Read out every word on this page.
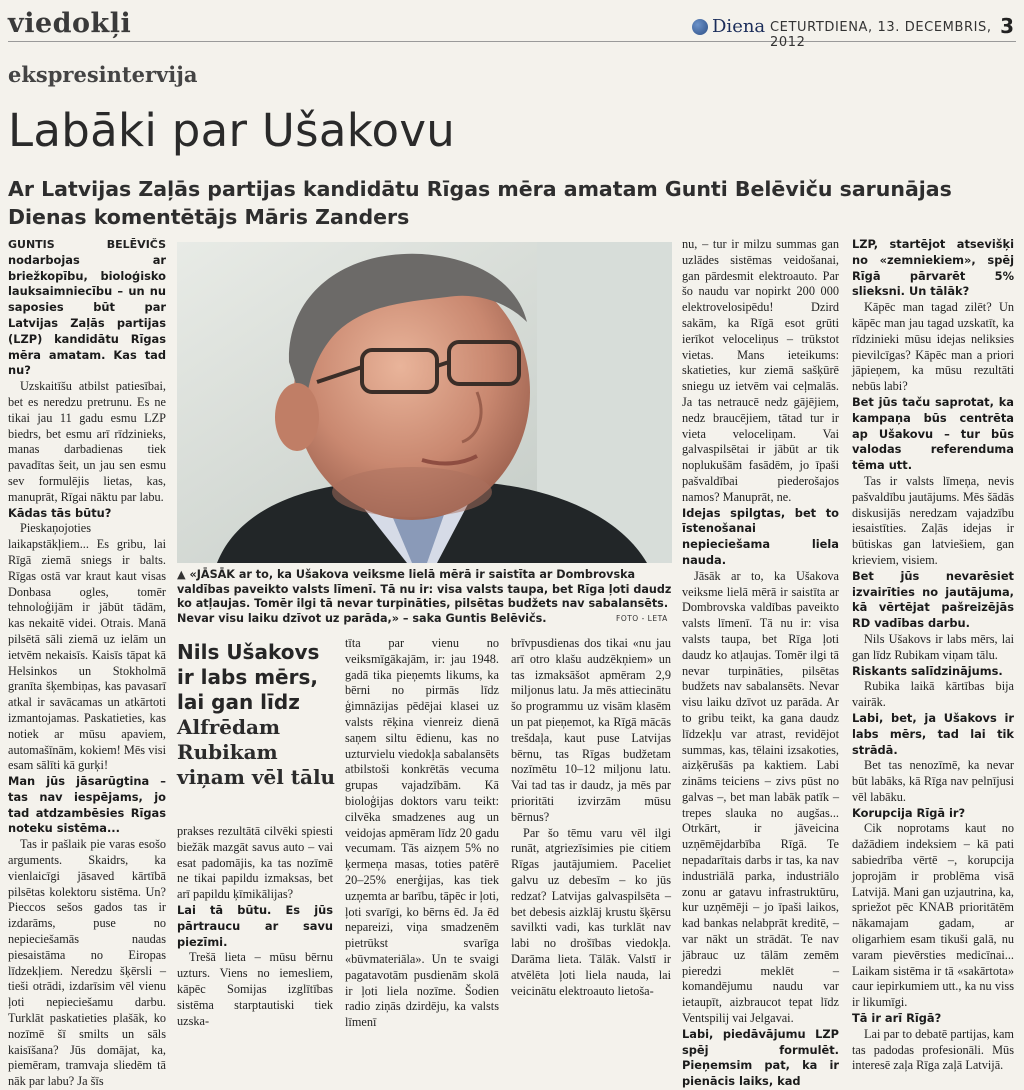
viedokļi	Diena CETURTDIENA, 13. DECEMBRIS, 2012
3
ekspresintervija
Labāki par Ušakovu
Ar Latvijas Zaļās partijas kandidātu Rīgas mēra amatam Gunti Belēviču sarunājas Dienas komentētājs Māris Zanders

GUNTIS BELĒVIČS nodarbojas ar briežkopību, bioloģisko lauksaimniecību – un nu saposies būt par Latvijas Zaļās partijas (LZP) kandidātu Rīgas mēra amatam. Kas tad nu?

Uzskaitīšu atbilst patiesībai, bet es neredzu pretrunu. Es ne tikai jau 11 gadu esmu LZP biedrs, bet esmu arī rīdzinieks, manas darbadienas tiek pavadītas šeit, un jau sen esmu sev formulējis lietas, kas, manuprāt, Rīgai nāktu par labu.

Kādas tās būtu?

Pieskaņojoties laikapstākļiem... Es gribu, lai Rīgā ziemā sniegs ir balts. Rīgas ostā var kraut kaut visas Donbasa ogles, tomēr tehnoloģijām ir jābūt tādām, kas nekaitē videi. Otrais. Manā pilsētā sāli ziemā uz ielām un ietvēm nekaisīs. Kaisīs tāpat kā Helsinkos un Stokholmā granīta šķembiņas, kas pavasarī atkal ir savācamas un atkārtoti izmantojamas. Paskatieties, kas notiek ar mūsu apaviem, automašīnām, kokiem! Mēs visi esam sālīti kā gurķi!

Man jūs jāsarūgtina – tas nav iespējams, jo tad atdzambēsies Rīgas noteku sistēma...

Tas ir pašlaik pie varas esošo arguments. Skaidrs, ka vienlaicīgi jāsaved kārtībā pilsētas kolektoru sistēma. Un? Pieccos sešos gados tas ir izdarāms, puse no nepieciešamās naudas piesaistāma no Eiropas līdzekļiem. Neredzu šķērsli – tieši otrādi, izdarīsim vēl vienu ļoti nepieciešamu darbu. Turklāt paskatieties plašāk, ko nozīmē šī smilts un sāls kaisīšana? Jūs domājat, ka, piemēram, tramvaja sliedēm tā nāk par labu? Ja šīs

▲ «JĀSĀK ar to, ka Ušakova veiksme lielā mērā ir saistīta ar Dombrovska valdības paveikto valsts līmenī. Tā nu ir: visa valsts taupa, bet Rīga ļoti daudz ko atļaujas. Tomēr ilgi tā nevar turpināties, pilsētas budžets nav sabalansēts. Nevar visu laiku dzīvot uz parāda,» – saka Guntis Belēvičs.	FOTO - LETA
Nils Ušakovs ir labs mērs, lai gan līdz
Alfrēdam Rubikam viņam vēl tālu

prakses rezultātā cilvēki spiesti biežāk mazgāt savus auto – vai esat padomājis, ka tas nozīmē ne tikai papildu izmaksas, bet arī papildu ķīmikālijas?

Lai tā būtu. Es jūs pārtraucu ar savu piezīmi.

Trešā lieta – mūsu bērnu uzturs. Viens no iemesliem, kāpēc Somijas izglītības sistēma starptautiski tiek uzska-

tīta par vienu no veiksmīgākajām, ir: jau 1948. gadā tika pieņemts likums, ka bērni no pirmās līdz ģimnāzijas pēdējai klasei uz valsts rēķina vienreiz dienā saņem siltu ēdienu, kas no uzturvielu viedokļa sabalansēts atbilstoši konkrētās vecuma grupas vajadzībām. Kā bioloģijas doktors varu teikt: cilvēka smadzenes aug un veidojas apmēram līdz 20 gadu vecumam. Tās aizņem 5% no ķermeņa masas, toties patērē 20–25% enerģijas, kas tiek uzņemta ar barību, tāpēc ir ļoti, ļoti svarīgi, ko bērns ēd. Ja ēd nepareizi, viņa smadzenēm pietrūkst svarīga «būvmateriāla». Un te svaigi pagatavotām pusdienām skolā ir ļoti liela nozīme. Šodien radio ziņās dzirdēju, ka valsts līmenī

brīvpusdienas dos tikai «nu jau arī otro klašu audzēkņiem» un tas izmaksāšot apmēram 2,9 miljonus latu. Ja mēs attiecinātu šo programmu uz visām klasēm un pat pieņemot, ka Rīgā mācās trešdaļa, kaut puse Latvijas bērnu, tas Rīgas budžetam nozīmētu 10–12 miljonu latu. Vai tad tas ir daudz, ja mēs par prioritāti izvirzām mūsu bērnus?

Par šo tēmu varu vēl ilgi runāt, atgriezīsimies pie citiem Rīgas jautājumiem. Paceliet galvu uz debesīm – ko jūs redzat? Latvijas galvaspilsēta – bet debesis aizklāj krustu šķērsu savilkti vadi, kas turklāt nav labi no drošības viedokļa. Darāma lieta. Tālāk. Valstī ir atvēlēta ļoti liela nauda, lai veicinātu elektroauto lietoša-

nu, – tur ir milzu summas gan uzlādes sistēmas veidošanai, gan pārdesmit elektroauto. Par šo naudu var nopirkt 200 000 elektrovelosipēdu! Dzird sakām, ka Rīgā esot grūti ierīkot veloceliņus – trūkstot vietas. Mans ieteikums: skatieties, kur ziemā sašķūrē sniegu uz ietvēm vai ceļmalās. Ja tas netraucē nedz gājējiem, nedz braucējiem, tātad tur ir vieta veloceliņam. Vai galvaspilsētai ir jābūt ar tik noplukušām fasādēm, jo īpaši pašvaldībai piederošajos namos? Manuprāt, ne.

Idejas spilgtas, bet to īstenošanai nepieciešama liela nauda.

Jāsāk ar to, ka Ušakova veiksme lielā mērā ir saistīta ar Dombrovska valdības paveikto valsts līmenī. Tā nu ir: visa valsts taupa, bet Rīga ļoti daudz ko atļaujas. Tomēr ilgi tā nevar turpināties, pilsētas budžets nav sabalansēts. Nevar visu laiku dzīvot uz parāda. Ar to gribu teikt, ka gana daudz līdzekļu var atrast, revidējot summas, kas, tēlaini izsakoties, aizķērušās pa kaktiem. Labi zināms teiciens – zivs pūst no galvas –, bet man labāk patīk – trepes slauka no augšas... Otrkārt, ir jāveicina uzņēmējdarbība Rīgā. Te nepadarītais darbs ir tas, ka nav industriālā parka, industriālo zonu ar gatavu infrastruktūru, kur uzņēmēji – jo īpaši laikos, kad bankas nelabprāt kreditē, – var nākt un strādāt. Te nav jābrauc uz tālām zemēm pieredzi meklēt – komandējumu naudu var ietaupīt, aizbraucot tepat līdz Ventspilij vai Jelgavai.

Labi, piedāvājumu LZP spēj formulēt. Pieņemsim pat, ka ir pienācis laiks, kad

LZP, startējot atsevišķi no «zemniekiem», spēj Rīgā pārvarēt 5% slieksni. Un tālāk?

Kāpēc man tagad zilēt? Un kāpēc man jau tagad uzskatīt, ka rīdzinieki mūsu idejas neliksies pievilcīgas? Kāpēc man a priori jāpieņem, ka mūsu rezultāti nebūs labi?

Bet jūs taču saprotat, ka kampaņa būs centrēta ap Ušakovu – tur būs valodas referenduma tēma utt.

Tas ir valsts līmeņa, nevis pašvaldību jautājums. Mēs šādās diskusijās neredzam vajadzību iesaistīties. Zaļās idejas ir būtiskas gan latviešiem, gan krieviem, visiem.

Bet jūs nevarēsiet izvairīties no jautājuma, kā vērtējat pašreizējās RD vadības darbu.

Nils Ušakovs ir labs mērs, lai gan līdz Rubikam viņam tālu.

Riskants salīdzinājums.

Rubika laikā kārtības bija vairāk.

Labi, bet, ja Ušakovs ir labs mērs, tad lai tik strādā.

Bet tas nenozīmē, ka nevar būt labāks, kā Rīga nav pelnījusi vēl labāku.

Korupcija Rīgā ir?

Cik noprotams kaut no dažādiem indeksiem – kā pati sabiedrība vērtē –, korupcija joprojām ir problēma visā Latvijā. Mani gan uzjautrina, ka, spriežot pēc KNAB prioritātēm nākamajam gadam, ar oligarhiem esam tikuši galā, nu varam pievērsties medicīnai... Laikam sistēma ir tā «sakārtota» caur iepirkumiem utt., ka nu viss ir likumīgi.

Tā ir arī Rīgā?

Lai par to debatē partijas, kam tas padodas profesionāli. Mūs interesē zaļa Rīga zaļā Latvijā.
